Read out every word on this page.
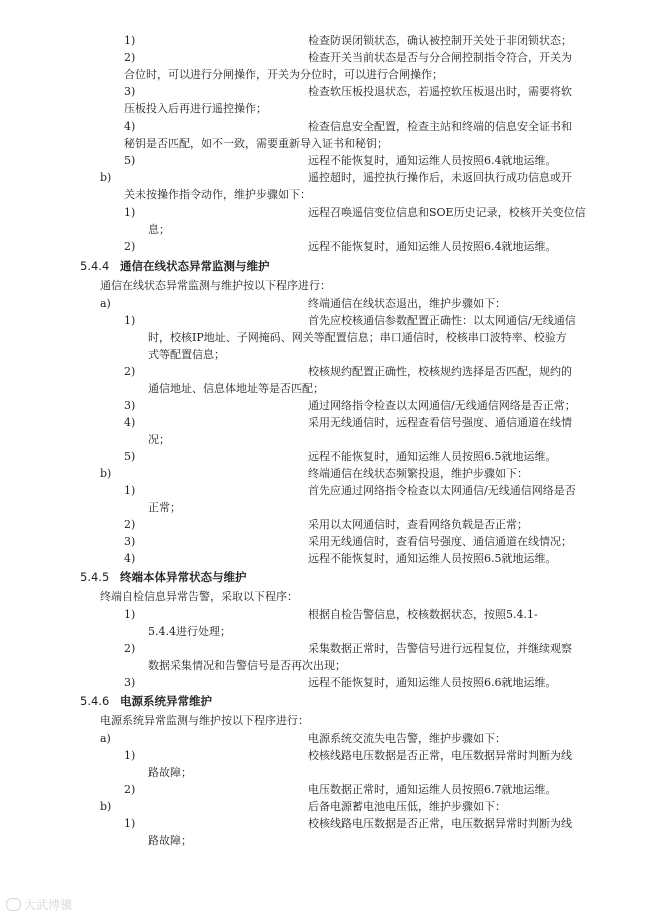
1)	检查防误闭锁状态，确认被控制开关处于非闭锁状态；
2)	检查开关当前状态是否与分合闸控制指令符合，开关为
合位时，可以进行分闸操作，开关为分位时，可以进行合闸操作；
3)	检查软压板投退状态，若遥控软压板退出时，需要将软
压板投入后再进行遥控操作；
4)	检查信息安全配置，检查主站和终端的信息安全证书和
秘钥是否匹配，如不一致，需要重新导入证书和秘钥；
5)	远程不能恢复时，通知运维人员按照6.4就地运维。
b)	遥控超时，遥控执行操作后，未返回执行成功信息或开
关未按操作指令动作，维护步骤如下：
1)	远程召唤遥信变位信息和SOE历史记录，校核开关变位信
息；
2)	远程不能恢复时，通知运维人员按照6.4就地运维。
5.4.4 通信在线状态异常监测与维护
通信在线状态异常监测与维护按以下程序进行：
a)	终端通信在线状态退出，维护步骤如下：
1)	首先应校核通信参数配置正确性：以太网通信/无线通信
时，校核IP地址、子网掩码、网关等配置信息；串口通信时，校核串口波特率、校验方
式等配置信息；
2)	校核规约配置正确性，校核规约选择是否匹配，规约的
通信地址、信息体地址等是否匹配；
3)	通过网络指令检查以太网通信/无线通信网络是否正常；
4)	采用无线通信时，远程查看信号强度、通信通道在线情
况；
5)	远程不能恢复时，通知运维人员按照6.5就地运维。
b)	终端通信在线状态频繁投退，维护步骤如下：
1)	首先应通过网络指令检查以太网通信/无线通信网络是否
正常；
2)	采用以太网通信时，查看网络负载是否正常；
3)	采用无线通信时，查看信号强度、通信通道在线情况；
4)	远程不能恢复时，通知运维人员按照6.5就地运维。
5.4.5 终端本体异常状态与维护
终端自检信息异常告警，采取以下程序：
1)	根据自检告警信息，校核数据状态，按照5.4.1-
5.4.4进行处理；
2)	采集数据正常时，告警信号进行远程复位，并继续观察
数据采集情况和告警信号是否再次出现；
3)	远程不能恢复时，通知运维人员按照6.6就地运维。
5.4.6 电源系统异常维护
电源系统异常监测与维护按以下程序进行：
a)	电源系统交流失电告警，维护步骤如下：
1)	校核线路电压数据是否正常，电压数据异常时判断为线
路故障；
2)	电压数据正常时，通知运维人员按照6.7就地运维。
b)	后备电源蓄电池电压低，维护步骤如下：
1)	校核线路电压数据是否正常，电压数据异常时判断为线
路故障；
大武博骥
